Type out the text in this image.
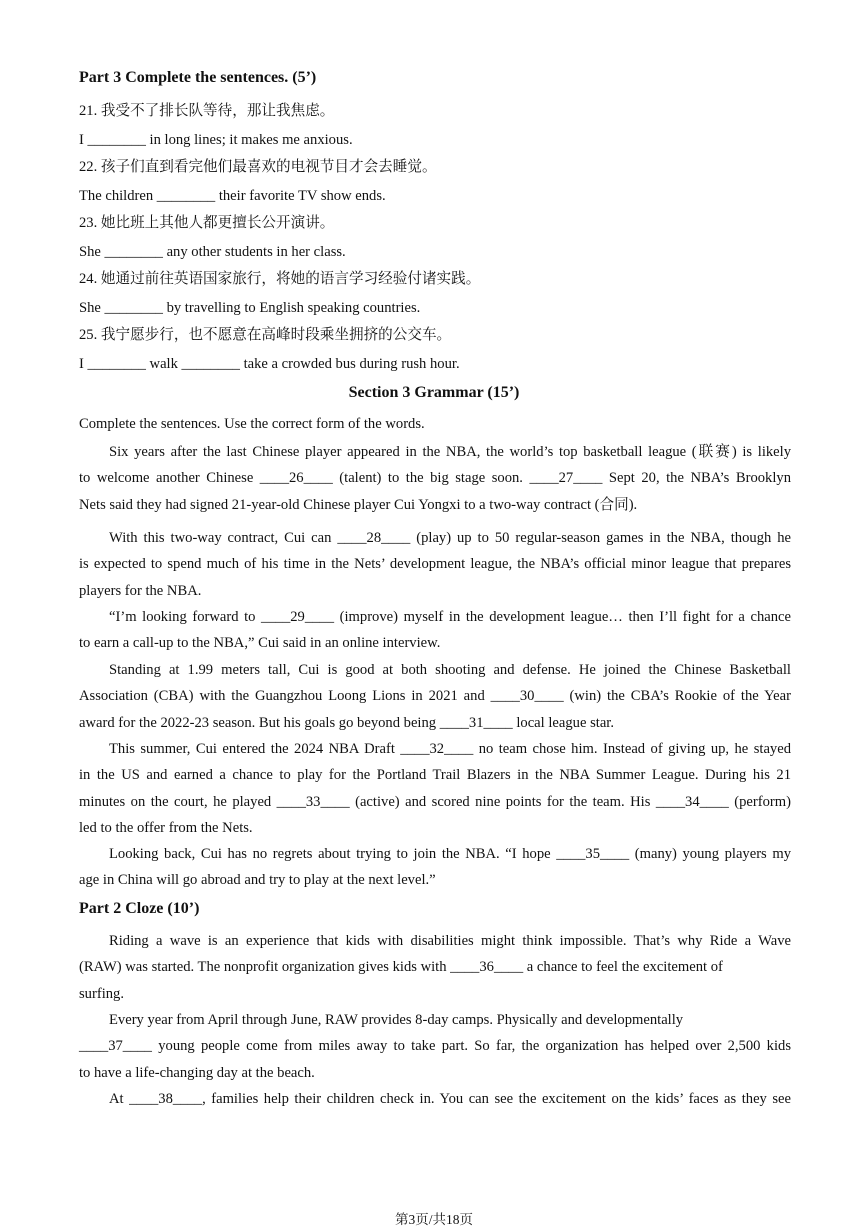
Part 3 Complete the sentences. (5’)
21. 我受不了排长队等待，那让我焦虑。
I ________ in long lines; it makes me anxious.
22. 孩子们直到看完他们最喜欢的电视节目才会去睡觉。
The children ________ their favorite TV show ends.
23. 她比班上其他人都更擅长公开演讲。
She ________ any other students in her class.
24. 她通过前往英语国家旅行，将她的语言学习经验付诸实践。
She ________ by travelling to English speaking countries.
25. 我宁愿步行，也不愿意在高峰时段乘坐拥挤的公交车。
I ________ walk ________ take a crowded bus during rush hour.
Section 3 Grammar (15’)
Complete the sentences. Use the correct form of the words.
Six years after the last Chinese player appeared in the NBA, the world’s top basketball league (联赛) is likely
to welcome another Chinese ____26____ (talent) to the big stage soon. ____27____ Sept 20, the NBA’s Brooklyn
Nets said they had signed 21-year-old Chinese player Cui Yongxi to a two-way contract (合同).
With this two-way contract, Cui can ____28____ (play) up to 50 regular-season games in the NBA, though he
is expected to spend much of his time in the Nets’ development league, the NBA’s official minor league that prepares
players for the NBA.
“I’m looking forward to ____29____ (improve) myself in the development league… then I’ll fight for a chance
to earn a call-up to the NBA,” Cui said in an online interview.
Standing at 1.99 meters tall, Cui is good at both shooting and defense. He joined the Chinese Basketball
Association (CBA) with the Guangzhou Loong Lions in 2021 and ____30____ (win) the CBA’s Rookie of the Year
award for the 2022-23 season. But his goals go beyond being ____31____ local league star.
This summer, Cui entered the 2024 NBA Draft ____32____ no team chose him. Instead of giving up, he stayed
in the US and earned a chance to play for the Portland Trail Blazers in the NBA Summer League. During his 21
minutes on the court, he played ____33____ (active) and scored nine points for the team. His ____34____ (perform)
led to the offer from the Nets.
Looking back, Cui has no regrets about trying to join the NBA. “I hope ____35____ (many) young players my
age in China will go abroad and try to play at the next level.”
Part 2 Cloze (10’)
Riding a wave is an experience that kids with disabilities might think impossible. That’s why Ride a Wave
(RAW) was started. The nonprofit organization gives kids with ____36____ a chance to feel the excitement of
surfing.
Every year from April through June, RAW provides 8-day camps. Physically and developmentally
____37____ young people come from miles away to take part. So far, the organization has helped over 2,500 kids
to have a life-changing day at the beach.
At ____38____, families help their children check in. You can see the excitement on the kids’ faces as they see
第3页/共18页
